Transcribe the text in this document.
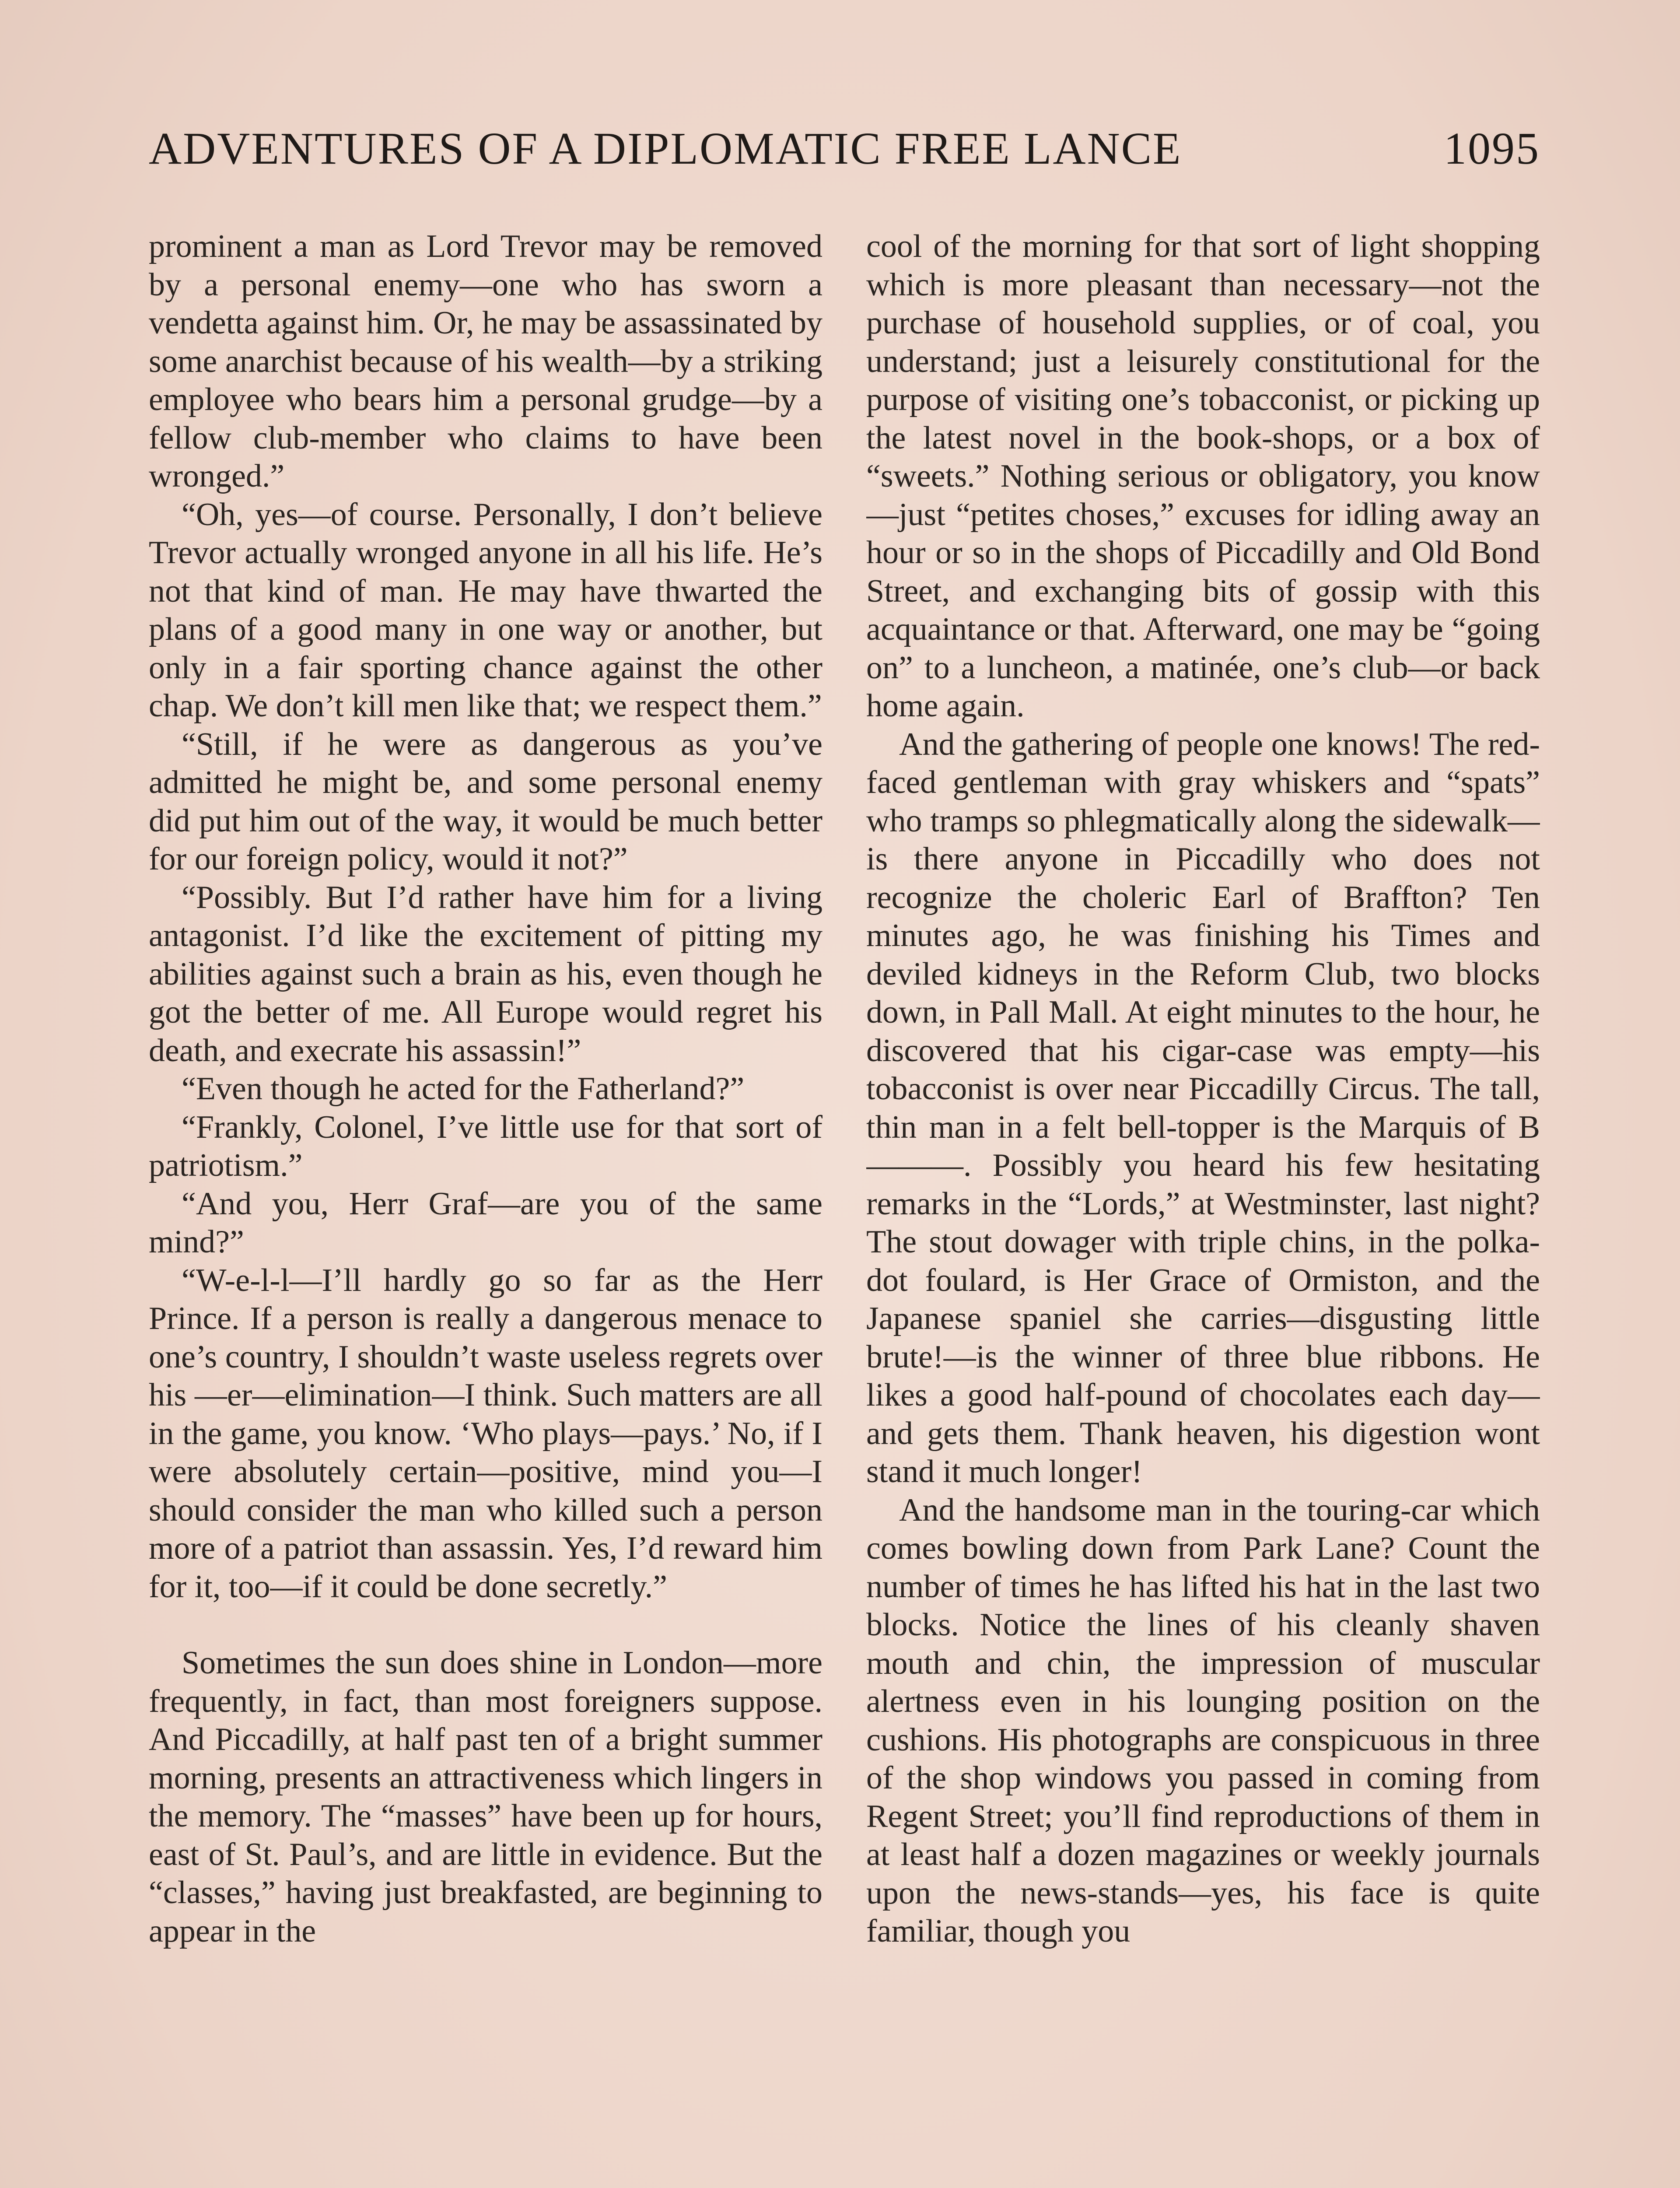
ADVENTURES OF A DIPLOMATIC FREE LANCE	1095

prominent a man as Lord Trevor may be removed by a personal enemy—one who has sworn a vendetta against him. Or, he may be assassinated by some anarchist because of his wealth—by a striking employee who bears him a personal grudge—by a fellow club-member who claims to have been wronged.”

“Oh, yes—of course. Personally, I don’t believe Trevor actually wronged anyone in all his life. He’s not that kind of man. He may have thwarted the plans of a good many in one way or another, but only in a fair sporting chance against the other chap. We don’t kill men like that; we respect them.”

“Still, if he were as dangerous as you’ve admitted he might be, and some personal enemy did put him out of the way, it would be much better for our foreign policy, would it not?”

“Possibly. But I’d rather have him for a living antagonist. I’d like the excitement of pitting my abilities against such a brain as his, even though he got the better of me. All Europe would regret his death, and execrate his assassin!”

“Even though he acted for the Fatherland?”

“Frankly, Colonel, I’ve little use for that sort of patriotism.”

“And you, Herr Graf—are you of the same mind?”

“W-e-l-l—I’ll hardly go so far as the Herr Prince. If a person is really a dangerous menace to one’s country, I shouldn’t waste useless regrets over his —er—elimination—I think. Such matters are all in the game, you know. ‘Who plays—pays.’ No, if I were absolutely certain—positive, mind you—I should consider the man who killed such a person more of a patriot than assassin. Yes, I’d reward him for it, too—if it could be done secretly.”

Sometimes the sun does shine in London—more frequently, in fact, than most foreigners suppose. And Piccadilly, at half past ten of a bright summer morning, presents an attractiveness which lingers in the memory. The “masses” have been up for hours, east of St. Paul’s, and are little in evidence. But the “classes,” having just breakfasted, are beginning to appear in the

cool of the morning for that sort of light shopping which is more pleasant than necessary—not the purchase of household supplies, or of coal, you understand; just a leisurely constitutional for the purpose of visiting one’s tobacconist, or picking up the latest novel in the book-shops, or a box of “sweets.” Nothing serious or obligatory, you know—just “petites choses,” excuses for idling away an hour or so in the shops of Piccadilly and Old Bond Street, and exchanging bits of gossip with this acquaintance or that. Afterward, one may be “going on” to a luncheon, a matinée, one’s club—or back home again.

And the gathering of people one knows! The red-faced gentleman with gray whiskers and “spats” who tramps so phlegmatically along the sidewalk—is there anyone in Piccadilly who does not recognize the choleric Earl of Braffton? Ten minutes ago, he was finishing his Times and deviled kidneys in the Reform Club, two blocks down, in Pall Mall. At eight minutes to the hour, he discovered that his cigar-case was empty—his tobacconist is over near Piccadilly Circus. The tall, thin man in a felt bell-topper is the Marquis of B———. Possibly you heard his few hesitating remarks in the “Lords,” at Westminster, last night? The stout dowager with triple chins, in the polka-dot foulard, is Her Grace of Ormiston, and the Japanese spaniel she carries—disgusting little brute!—is the winner of three blue ribbons. He likes a good half-pound of chocolates each day—and gets them. Thank heaven, his digestion wont stand it much longer!

And the handsome man in the touring-car which comes bowling down from Park Lane? Count the number of times he has lifted his hat in the last two blocks. Notice the lines of his cleanly shaven mouth and chin, the impression of muscular alertness even in his lounging position on the cushions. His photographs are conspicuous in three of the shop windows you passed in coming from Regent Street; you’ll find reproductions of them in at least half a dozen magazines or weekly journals upon the news-stands—yes, his face is quite familiar, though you
